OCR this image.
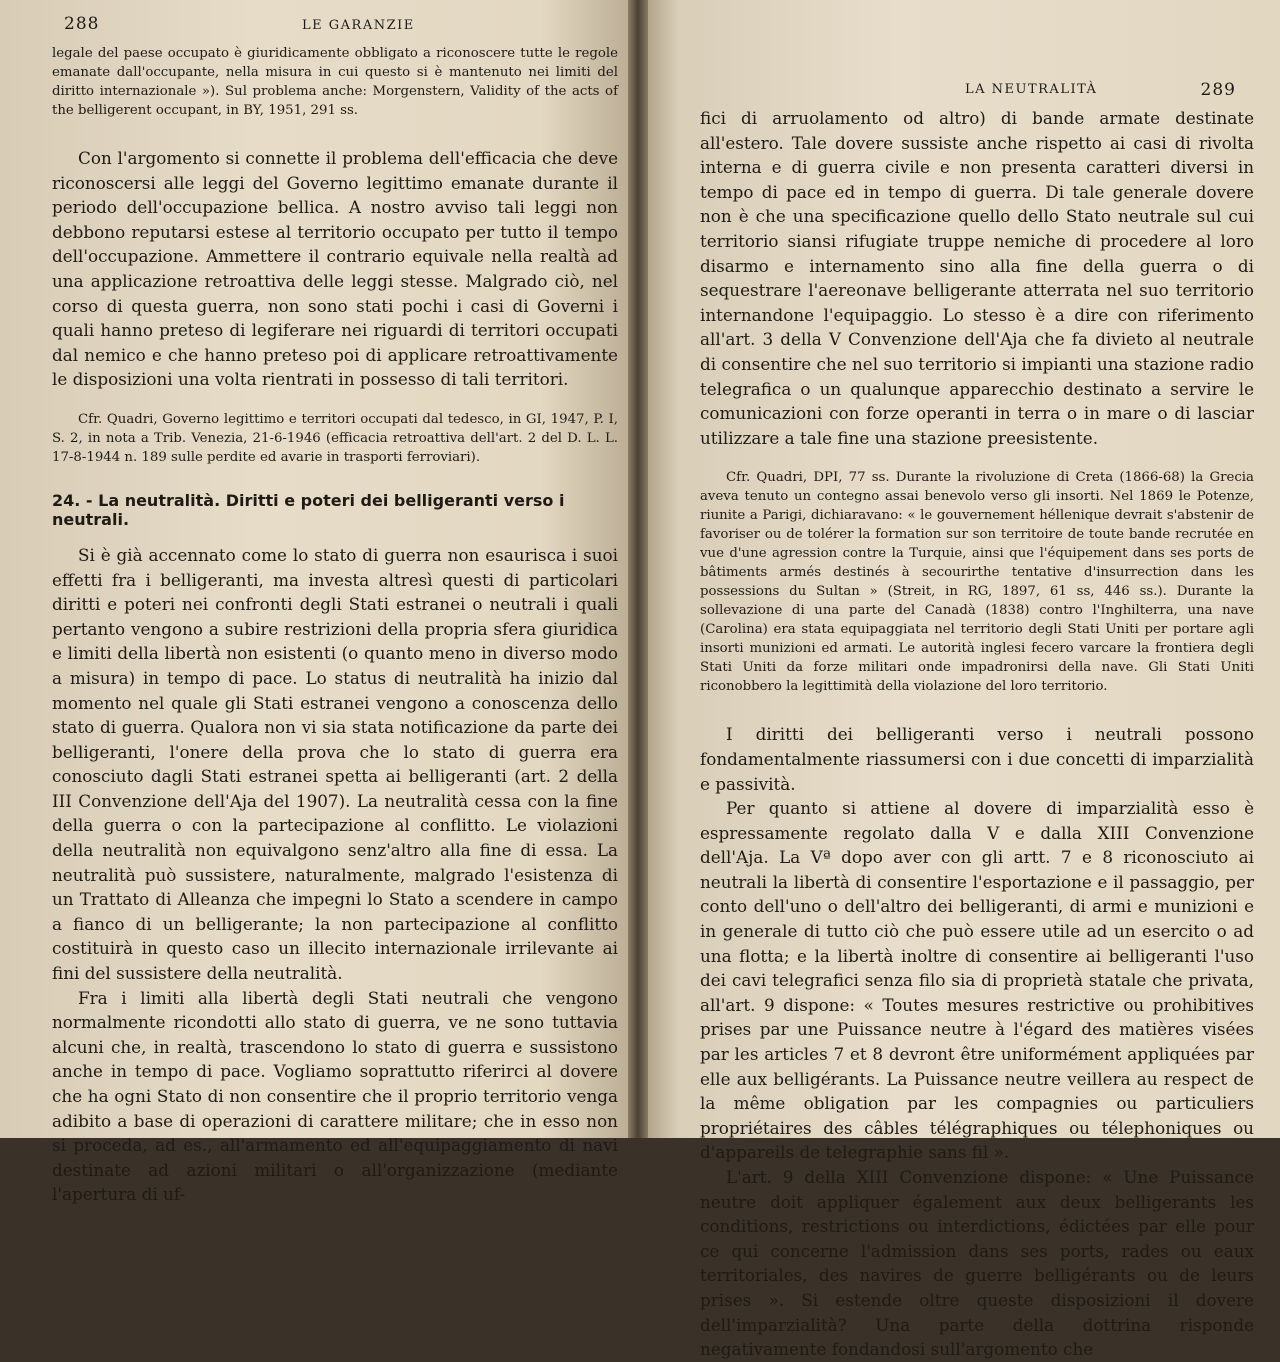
288	LE GARANZIE

legale del paese occupato è giuridicamente obbligato a riconoscere tutte le regole emanate dall'occupante, nella misura in cui questo si è mantenuto nei limiti del diritto internazionale »). Sul problema anche: Morgenstern, Validity of the acts of the belligerent occupant, in BY, 1951, 291 ss.

Con l'argomento si connette il problema dell'efficacia che deve riconoscersi alle leggi del Governo legittimo emanate durante il periodo dell'occupazione bellica. A nostro avviso tali leggi non debbono reputarsi estese al territorio occupato per tutto il tempo dell'occupazione. Ammettere il contrario equivale nella realtà ad una applicazione retroattiva delle leggi stesse. Malgrado ciò, nel corso di questa guerra, non sono stati pochi i casi di Governi i quali hanno preteso di legiferare nei riguardi di territori occupati dal nemico e che hanno preteso poi di applicare retroattivamente le disposizioni una volta rientrati in possesso di tali territori.

Cfr. Quadri, Governo legittimo e territori occupati dal tedesco, in GI, 1947, P. I, S. 2, in nota a Trib. Venezia, 21-6-1946 (efficacia retroattiva dell'art. 2 del D. L. L. 17-8-1944 n. 189 sulle perdite ed avarie in trasporti ferroviari).

24. - La neutralità. Diritti e poteri dei belligeranti verso i neutrali.

Si è già accennato come lo stato di guerra non esaurisca i suoi effetti fra i belligeranti, ma investa altresì questi di particolari diritti e poteri nei confronti degli Stati estranei o neutrali i quali pertanto vengono a subire restrizioni della propria sfera giuridica e limiti della libertà non esistenti (o quanto meno in diverso modo a misura) in tempo di pace. Lo status di neutralità ha inizio dal momento nel quale gli Stati estranei vengono a conoscenza dello stato di guerra. Qualora non vi sia stata notificazione da parte dei belligeranti, l'onere della prova che lo stato di guerra era conosciuto dagli Stati estranei spetta ai belligeranti (art. 2 della III Convenzione dell'Aja del 1907). La neutralità cessa con la fine della guerra o con la partecipazione al conflitto. Le violazioni della neutralità non equivalgono senz'altro alla fine di essa. La neutralità può sussistere, naturalmente, malgrado l'esistenza di un Trattato di Alleanza che impegni lo Stato a scendere in campo a fianco di un belligerante; la non partecipazione al conflitto costituirà in questo caso un illecito internazionale irrilevante ai fini del sussistere della neutralità.

Fra i limiti alla libertà degli Stati neutrali che vengono normalmente ricondotti allo stato di guerra, ve ne sono tuttavia alcuni che, in realtà, trascendono lo stato di guerra e sussistono anche in tempo di pace. Vogliamo soprattutto riferirci al dovere che ha ogni Stato di non consentire che il proprio territorio venga adibito a base di operazioni di carattere militare; che in esso non si proceda, ad es., all'armamento ed all'equipaggiamento di navi destinate ad azioni militari o all'organizzazione (mediante l'apertura di uf-

LA NEUTRALITÀ	289

fici di arruolamento od altro) di bande armate destinate all'estero. Tale dovere sussiste anche rispetto ai casi di rivolta interna e di guerra civile e non presenta caratteri diversi in tempo di pace ed in tempo di guerra. Di tale generale dovere non è che una specificazione quello dello Stato neutrale sul cui territorio siansi rifugiate truppe nemiche di procedere al loro disarmo e internamento sino alla fine della guerra o di sequestrare l'aereonave belligerante atterrata nel suo territorio internandone l'equipaggio. Lo stesso è a dire con riferimento all'art. 3 della V Convenzione dell'Aja che fa divieto al neutrale di consentire che nel suo territorio si impianti una stazione radio telegrafica o un qualunque apparecchio destinato a servire le comunicazioni con forze operanti in terra o in mare o di lasciar utilizzare a tale fine una stazione preesistente.

Cfr. Quadri, DPI, 77 ss. Durante la rivoluzione di Creta (1866-68) la Grecia aveva tenuto un contegno assai benevolo verso gli insorti. Nel 1869 le Potenze, riunite a Parigi, dichiaravano: « le gouvernement héllenique devrait s'abstenir de favoriser ou de tolérer la formation sur son territoire de toute bande recrutée en vue d'une agression contre la Turquie, ainsi que l'équipement dans ses ports de bâtiments armés destinés à secourirthe tentative d'insurrection dans les possessions du Sultan » (Streit, in RG, 1897, 61 ss, 446 ss.). Durante la sollevazione di una parte del Canadà (1838) contro l'Inghilterra, una nave (Carolina) era stata equipaggiata nel territorio degli Stati Uniti per portare agli insorti munizioni ed armati. Le autorità inglesi fecero varcare la frontiera degli Stati Uniti da forze militari onde impadronirsi della nave. Gli Stati Uniti riconobbero la legittimità della violazione del loro territorio.

I diritti dei belligeranti verso i neutrali possono fondamentalmente riassumersi con i due concetti di imparzialità e passività.

Per quanto si attiene al dovere di imparzialità esso è espressamente regolato dalla V e dalla XIII Convenzione dell'Aja. La Vª dopo aver con gli artt. 7 e 8 riconosciuto ai neutrali la libertà di consentire l'esportazione e il passaggio, per conto dell'uno o dell'altro dei belligeranti, di armi e munizioni e in generale di tutto ciò che può essere utile ad un esercito o ad una flotta; e la libertà inoltre di consentire ai belligeranti l'uso dei cavi telegrafici senza filo sia di proprietà statale che privata, all'art. 9 dispone: « Toutes mesures restrictive ou prohibitives prises par une Puissance neutre à l'égard des matières visées par les articles 7 et 8 devront être uniformément appliquées par elle aux belligérants. La Puissance neutre veillera au respect de la même obligation par les compagnies ou particuliers propriétaires des câbles télégraphiques ou télephoniques ou d'appareils de telegraphie sans fil ».

L'art. 9 della XIII Convenzione dispone: « Une Puissance neutre doit appliquer également aux deux belligerants les conditions, restrictions ou interdictions, édictées par elle pour ce qui concerne l'admission dans ses ports, rades ou eaux territoriales, des navires de guerre belligérants ou de leurs prises ». Si estende oltre queste disposizioni il dovere dell'imparzialità? Una parte della dottrina risponde negativamente fondandosi sull'argomento che
